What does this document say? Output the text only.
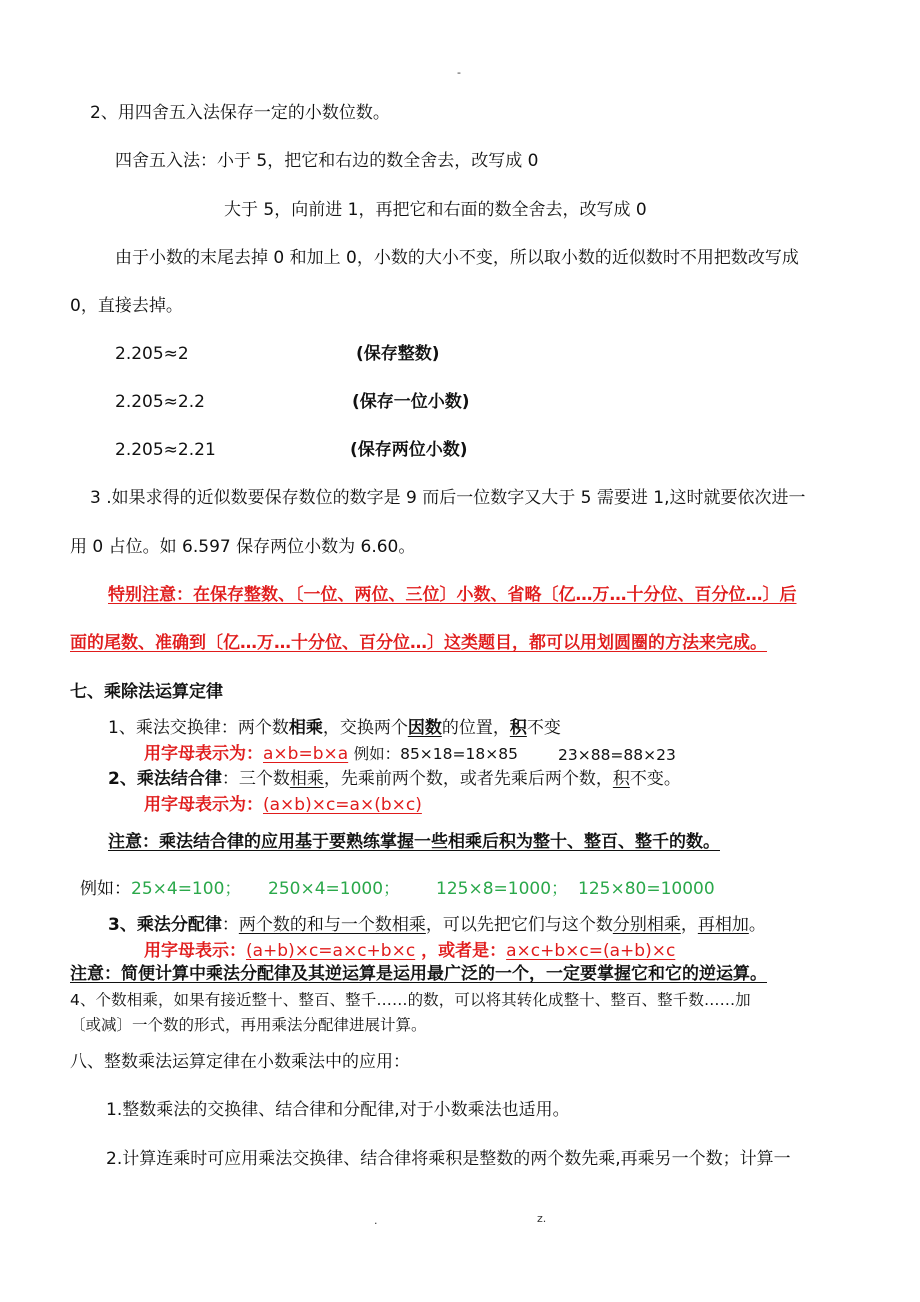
-
2、用四舍五入法保存一定的小数位数。
四舍五入法：小于 5，把它和右边的数全舍去，改写成 0
大于 5，向前进 1，再把它和右面的数全舍去，改写成 0
由于小数的末尾去掉 0 和加上 0，小数的大小不变，所以取小数的近似数时不用把数改写成
0，直接去掉。
2.205≈2	(保存整数)
2.205≈2.2	(保存一位小数)
2.205≈2.21	(保存两位小数)
3 .如果求得的近似数要保存数位的数字是 9 而后一位数字又大于 5 需要进 1,这时就要依次进一
用 0 占位。如 6.597 保存两位小数为 6.60。
特别注意：在保存整数、〔一位、两位、三位〕小数、省略〔亿…万…十分位、百分位…〕后
面的尾数、准确到〔亿…万…十分位、百分位…〕这类题目，都可以用划圆圈的方法来完成。
七、乘除法运算定律
1、乘法交换律：两个数相乘，交换两个因数的位置，积不变
用字母表示为：a×b=b×a 例如：85×18=18×85	23×88=88×23
2、乘法结合律：三个数相乘，先乘前两个数，或者先乘后两个数，积不变。
用字母表示为：(a×b)×c=a×(b×c)
注意：乘法结合律的应用基于要熟练掌握一些相乘后积为整十、整百、整千的数。
例如：25×4=100； 250×4=1000； 125×8=1000； 125×80=10000
3、乘法分配律：两个数的和与一个数相乘，可以先把它们与这个数分别相乘，再相加。
用字母表示：(a+b)×c=a×c+b×c ，或者是：a×c+b×c=(a+b)×c
注意：简便计算中乘法分配律及其逆运算是运用最广泛的一个，一定要掌握它和它的逆运算。
4、个数相乘，如果有接近整十、整百、整千……的数，可以将其转化成整十、整百、整千数……加
〔或减〕一个数的形式，再用乘法分配律进展计算。
八、整数乘法运算定律在小数乘法中的应用：
1.整数乘法的交换律、结合律和分配律,对于小数乘法也适用。
2.计算连乘时可应用乘法交换律、结合律将乘积是整数的两个数先乘,再乘另一个数；计算一
.	z.
